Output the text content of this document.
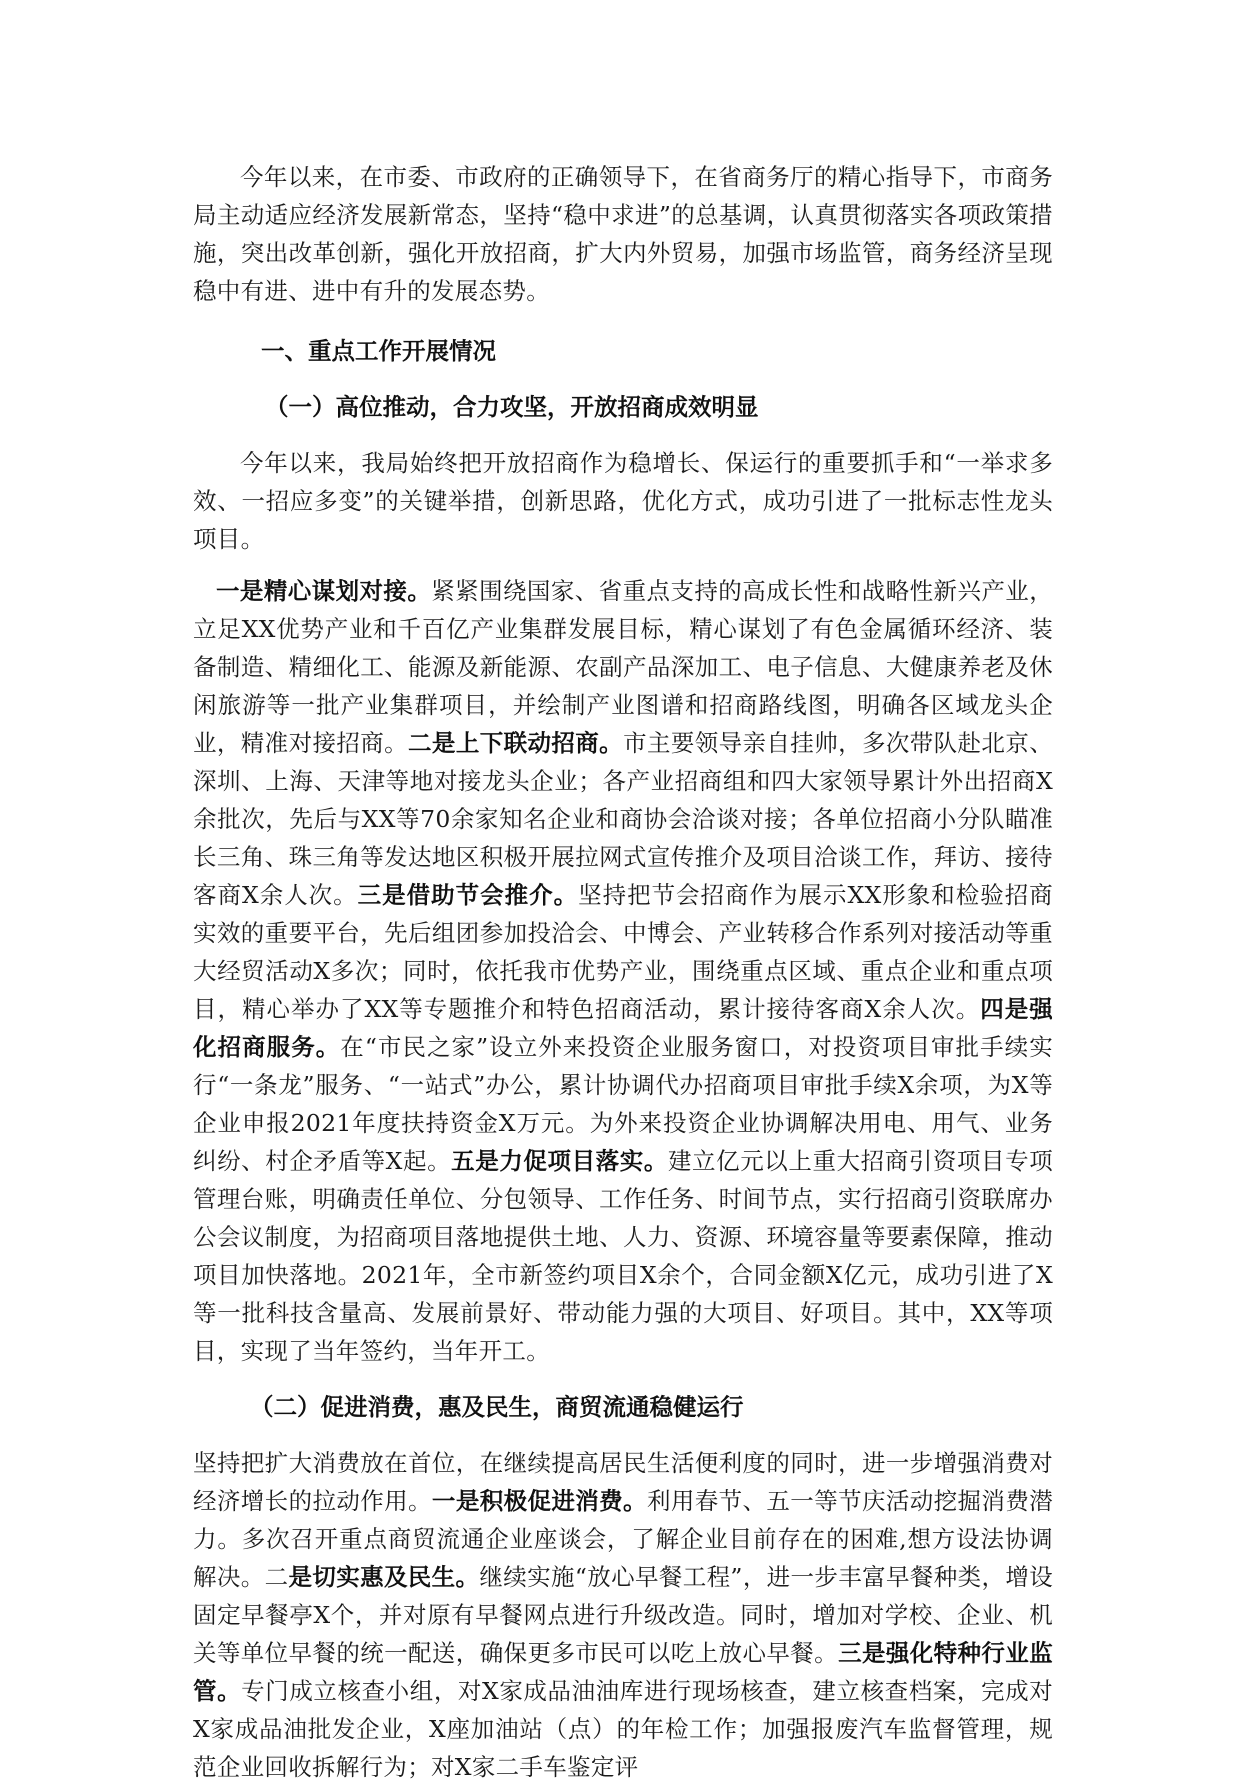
今年以来，在市委、市政府的正确领导下，在省商务厅的精心指导下，市商务局主动适应经济发展新常态，坚持“稳中求进”的总基调，认真贯彻落实各项政策措施，突出改革创新，强化开放招商，扩大内外贸易，加强市场监管，商务经济呈现稳中有进、进中有升的发展态势。

一、重点工作开展情况
（一）高位推动，合力攻坚，开放招商成效明显

今年以来，我局始终把开放招商作为稳增长、保运行的重要抓手和“一举求多效、一招应多变”的关键举措，创新思路，优化方式，成功引进了一批标志性龙头项目。

一是精心谋划对接。紧紧围绕国家、省重点支持的高成长性和战略性新兴产业，立足XX优势产业和千百亿产业集群发展目标，精心谋划了有色金属循环经济、装备制造、精细化工、能源及新能源、农副产品深加工、电子信息、大健康养老及休闲旅游等一批产业集群项目，并绘制产业图谱和招商路线图，明确各区域龙头企业，精准对接招商。二是上下联动招商。市主要领导亲自挂帅，多次带队赴北京、深圳、上海、天津等地对接龙头企业；各产业招商组和四大家领导累计外出招商X余批次，先后与XX等70余家知名企业和商协会洽谈对接；各单位招商小分队瞄准长三角、珠三角等发达地区积极开展拉网式宣传推介及项目洽谈工作，拜访、接待客商X余人次。三是借助节会推介。坚持把节会招商作为展示XX形象和检验招商实效的重要平台，先后组团参加投洽会、中博会、产业转移合作系列对接活动等重大经贸活动X多次；同时，依托我市优势产业，围绕重点区域、重点企业和重点项目，精心举办了XX等专题推介和特色招商活动，累计接待客商X余人次。四是强化招商服务。在“市民之家”设立外来投资企业服务窗口，对投资项目审批手续实行“一条龙”服务、“一站式”办公，累计协调代办招商项目审批手续X余项，为X等企业申报2021年度扶持资金X万元。为外来投资企业协调解决用电、用气、业务纠纷、村企矛盾等X起。五是力促项目落实。建立亿元以上重大招商引资项目专项管理台账，明确责任单位、分包领导、工作任务、时间节点，实行招商引资联席办公会议制度，为招商项目落地提供土地、人力、资源、环境容量等要素保障，推动项目加快落地。2021年，全市新签约项目X余个，合同金额X亿元，成功引进了X等一批科技含量高、发展前景好、带动能力强的大项目、好项目。其中，XX等项目，实现了当年签约，当年开工。

（二）促进消费，惠及民生，商贸流通稳健运行

坚持把扩大消费放在首位，在继续提高居民生活便利度的同时，进一步增强消费对经济增长的拉动作用。一是积极促进消费。利用春节、五一等节庆活动挖掘消费潜力。多次召开重点商贸流通企业座谈会，了解企业目前存在的困难,想方设法协调解决。二是切实惠及民生。继续实施“放心早餐工程”，进一步丰富早餐种类，增设固定早餐亭X个，并对原有早餐网点进行升级改造。同时，增加对学校、企业、机关等单位早餐的统一配送，确保更多市民可以吃上放心早餐。三是强化特种行业监管。专门成立核查小组，对X家成品油油库进行现场核查，建立核查档案，完成对X家成品油批发企业，X座加油站（点）的年检工作；加强报废汽车监督管理，规范企业回收拆解行为；对X家二手车鉴定评
